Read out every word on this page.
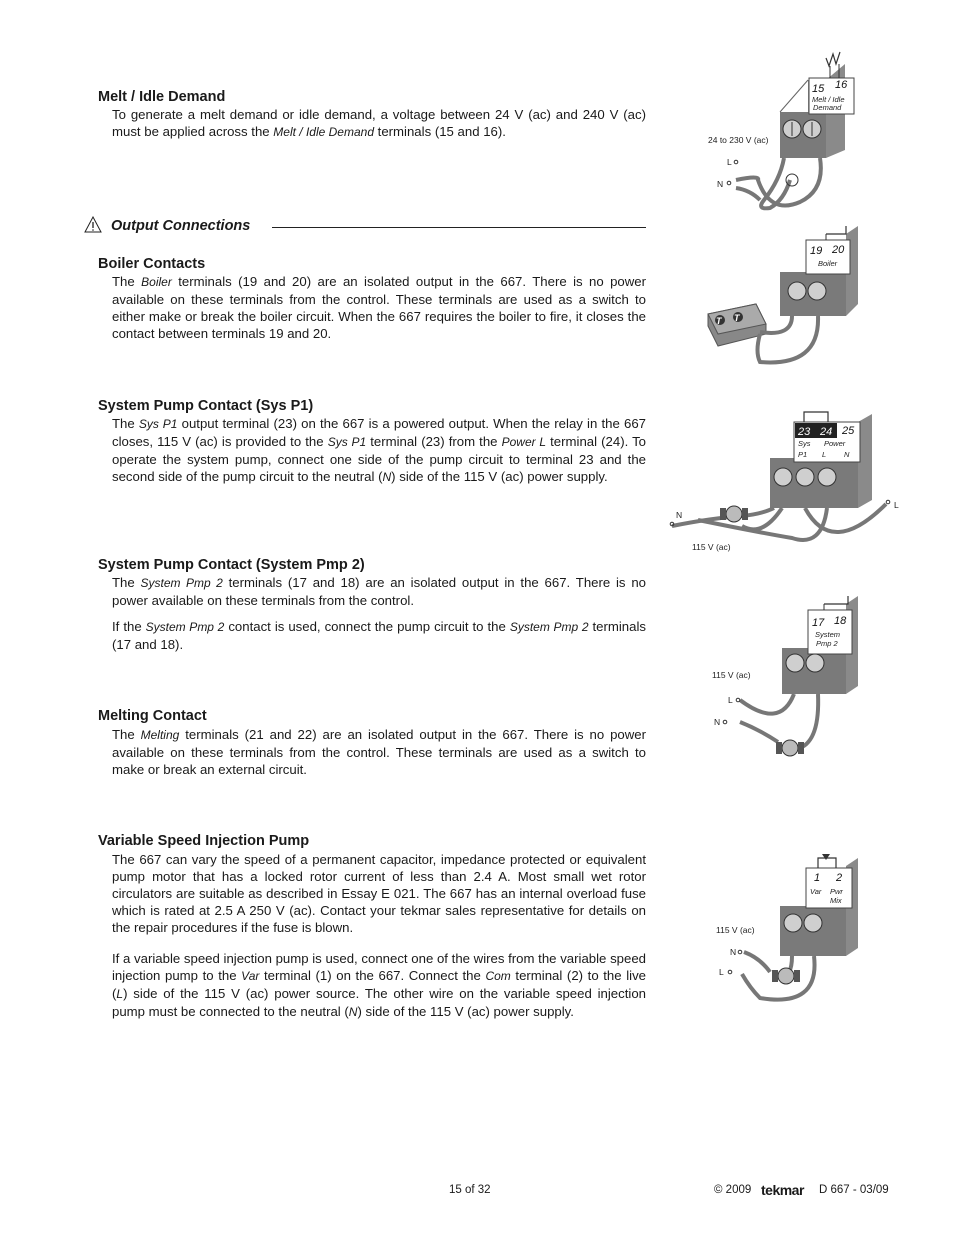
Melt / Idle Demand
To generate a melt demand or idle demand, a voltage between 24 V (ac) and 240 V (ac) must be applied across the Melt / Idle Demand terminals (15 and 16).
Output Connections
Boiler Contacts
The Boiler terminals (19 and 20) are an isolated output in the 667. There is no power available on these terminals from the control. These terminals are used as a switch to either make or break the boiler circuit. When the 667 requires the boiler to fire, it closes the contact between terminals 19 and 20.
System Pump Contact (Sys P1)
The Sys P1 output terminal (23) on the 667 is a powered output. When the relay in the 667 closes, 115 V (ac) is provided to the Sys P1 terminal (23) from the Power L terminal (24). To operate the system pump, connect one side of the pump circuit to terminal 23 and the second side of the pump circuit to the neutral (N) side of the 115 V (ac) power supply.
System Pump Contact (System Pmp 2)
The System Pmp 2 terminals (17 and 18) are an isolated output in the 667. There is no power available on these terminals from the control.
If the System Pmp 2 contact is used, connect the pump circuit to the System Pmp 2 terminals (17 and 18).
Melting Contact
The Melting terminals (21 and 22) are an isolated output in the 667. There is no power available on these terminals from the control. These terminals are used as a switch to make or break an external circuit.
Variable Speed Injection Pump
The 667 can vary the speed of a permanent capacitor, impedance protected or equivalent pump motor that has a locked rotor current of less than 2.4 A. Most small wet rotor circulators are suitable as described in Essay E 021. The 667 has an internal overload fuse which is rated at 2.5 A 250 V (ac). Contact your tekmar sales representative for details on the repair procedures if the fuse is blown.
If a variable speed injection pump is used, connect one of the wires from the variable speed injection pump to the Var terminal (1) on the 667. Connect the Com terminal (2) to the live (L) side of the 115 V (ac) power source. The other wire on the variable speed injection pump must be connected to the neutral (N) side of the 115 V (ac) power supply.
15 16
Melt / Idle
Demand
24 to 230 V (ac)
L
N
19 20
Boiler
T T
23 24 25
Sys
P1
Power
L N
N
L
115 V (ac)
17 18
System
Pmp 2
115 V (ac)
L
N
1 2
Var Pwr
Mix
115 V (ac)
N
L
15 of 32	© 2009 tekmar D 667 - 03/09
